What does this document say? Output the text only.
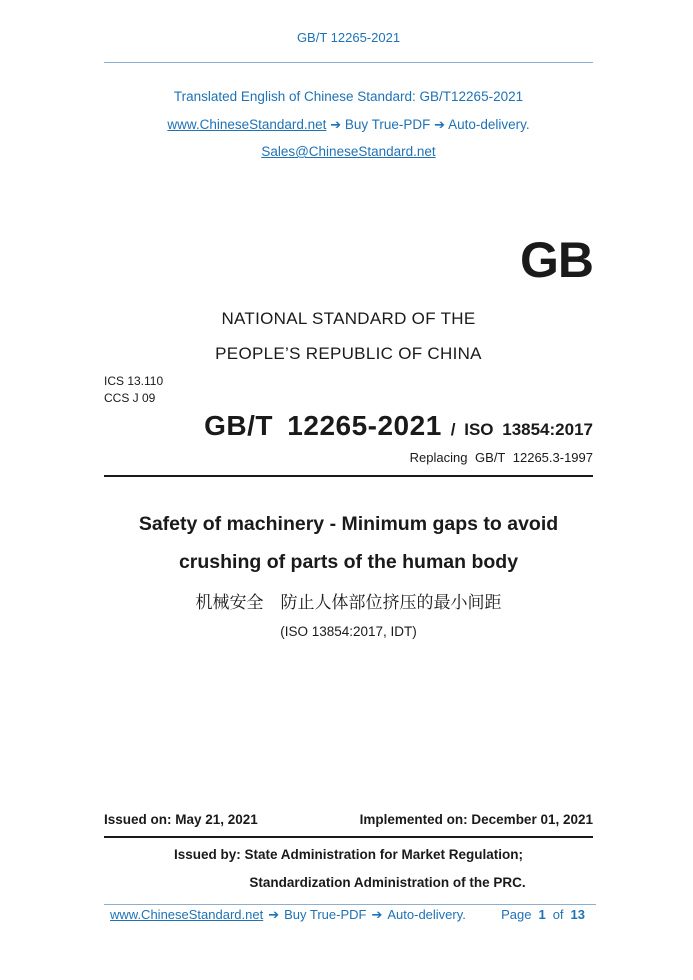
GB/T 12265-2021
Translated English of Chinese Standard: GB/T12265-2021
www.ChineseStandard.net ➔ Buy True-PDF ➔ Auto-delivery.
Sales@ChineseStandard.net
GB
NATIONAL STANDARD OF THE
PEOPLE’S REPUBLIC OF CHINA
ICS 13.110
CCS J 09
GB/T 12265-2021 / ISO 13854:2017
Replacing GB/T 12265.3-1997
Safety of machinery - Minimum gaps to avoid
crushing of parts of the human body
机械安全　防止人体部位挤压的最小间距
(ISO 13854:2017, IDT)
Issued on: May 21, 2021	Implemented on: December 01, 2021
Issued by: State Administration for Market Regulation;
Standardization Administration of the PRC.
www.ChineseStandard.net ➔ Buy True-PDF ➔ Auto-delivery.	Page 1 of 13
